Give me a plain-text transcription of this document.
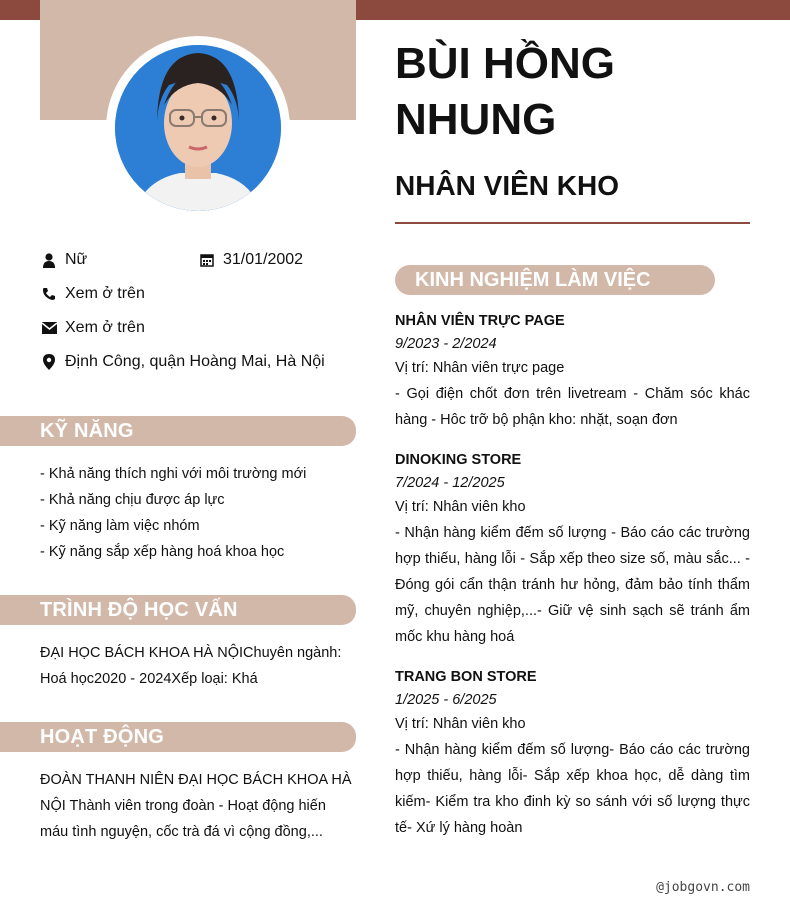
Nữ	31/01/2002
Xem ở trên
Xem ở trên
Định Công, quận Hoàng Mai, Hà Nội
KỸ NĂNG
- Khả năng thích nghi với môi trường mới
- Khả năng chịu được áp lực
- Kỹ năng làm việc nhóm
- Kỹ năng sắp xếp hàng hoá khoa học
TRÌNH ĐỘ HỌC VẤN
ĐẠI HỌC BÁCH KHOA HÀ NỘIChuyên ngành: Hoá học2020 - 2024Xếp loại: Khá
HOẠT ĐỘNG
ĐOÀN THANH NIÊN ĐẠI HỌC BÁCH KHOA HÀ NỘI Thành viên trong đoàn - Hoạt động hiến máu tình nguyện, cốc trà đá vì cộng đồng,...
BÙI HỒNG NHUNG
NHÂN VIÊN KHO
KINH NGHIỆM LÀM VIỆC
NHÂN VIÊN TRỰC PAGE
9/2023 - 2/2024
Vị trí: Nhân viên trực page
- Gọi điện chốt đơn trên livetream - Chăm sóc khác hàng - Hôc trỡ bộ phận kho: nhặt, soạn đơn
DINOKING STORE
7/2024 - 12/2025
Vị trí: Nhân viên kho
- Nhận hàng kiểm đếm số lượng - Báo cáo các trường hợp thiếu, hàng lỗi - Sắp xếp theo size số, màu sắc... - Đóng gói cẩn thận tránh hư hỏng, đảm bảo tính thẩm mỹ, chuyên nghiệp,...- Giữ vệ sinh sạch sẽ tránh ẩm mốc khu hàng hoá
TRANG BON STORE
1/2025 - 6/2025
Vị trí: Nhân viên kho
- Nhận hàng kiểm đếm số lượng- Báo cáo các trường hợp thiếu, hàng lỗi- Sắp xếp khoa học, dễ dàng tìm kiếm- Kiểm tra kho đinh kỳ so sánh với số lượng thực tế- Xứ lý hàng hoàn
@jobgovn.com
